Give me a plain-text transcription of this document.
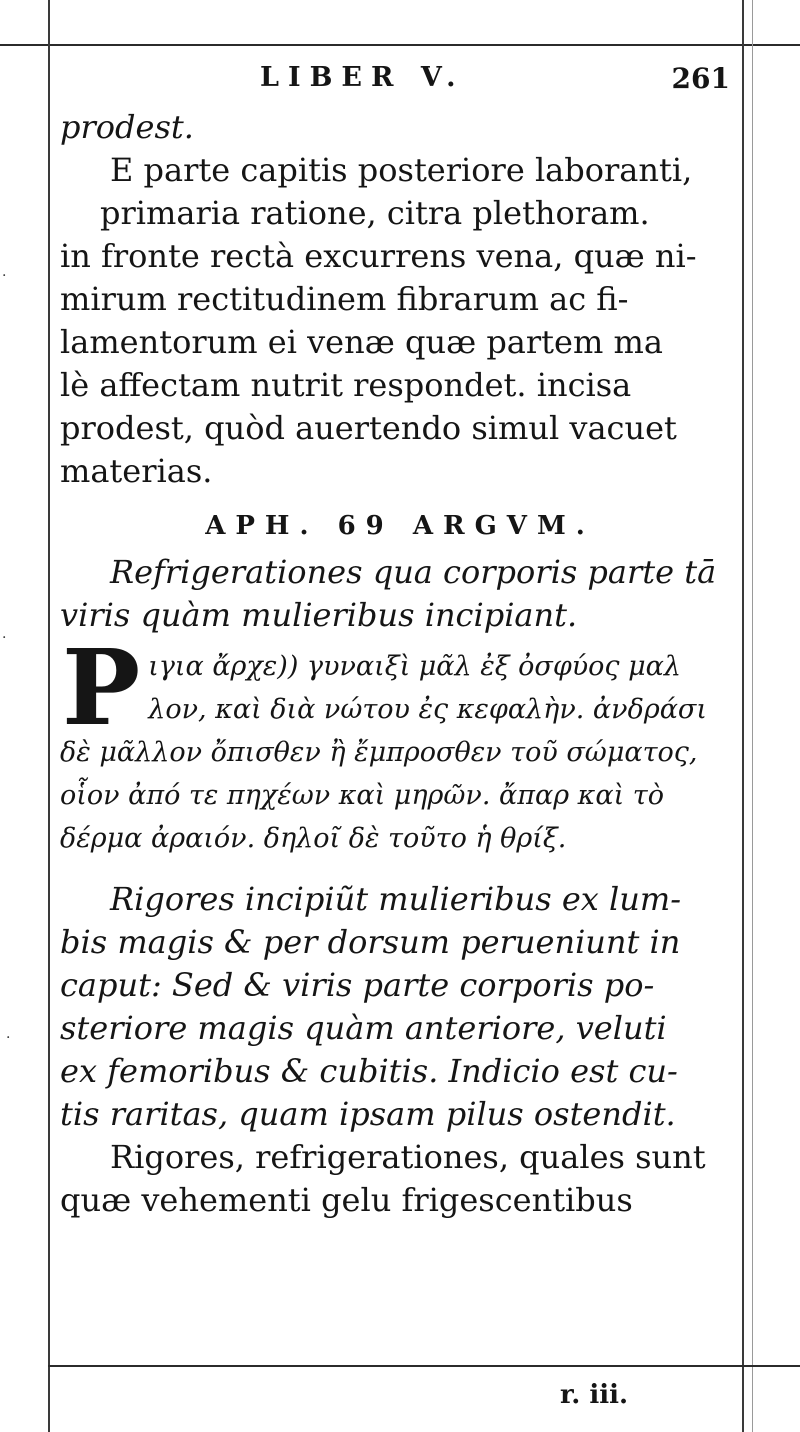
·
·
·
LIBER V.	261
prodest.
E parte capitis posteriore laboranti,
primaria ratione, citra plethoram.
in fronte rectà excurrens vena, quæ ni-
mirum rectitudinem fibrarum ac fi-
lamentorum ei venæ quæ partem ma
lè affectam nutrit respondet. incisa
prodest, quòd auertendo simul vacuet
materias.
APH. 69 ARGVM.
Refrigerationes qua corporis parte tā
viris quàm mulieribus incipiant.
P ιγια ἄρχε)) γυναιξὶ μᾶλ ἐξ ὀσφύος μαλ
λον, καὶ διὰ νώτου ἐς κεφαλὴν. ἀνδράσι
δὲ μᾶλλον ὄπισθεν ἢ ἔμπροσθεν τοῦ σώματος,
οἷον ἀπό τε πηχέων καὶ μηρῶν. ἄπαρ καὶ τὸ
δέρμα ἀραιόν. δηλοῖ δὲ τοῦτο ἡ θρίξ.
Rigores incipiũt mulieribus ex lum-
bis magis & per dorsum perueniunt in
caput: Sed & viris parte corporis po-
steriore magis quàm anteriore, veluti
ex femoribus & cubitis. Indicio est cu-
tis raritas, quam ipsam pilus ostendit.
Rigores, refrigerationes, quales sunt
quæ vehementi gelu frigescentibus
r. iii.
